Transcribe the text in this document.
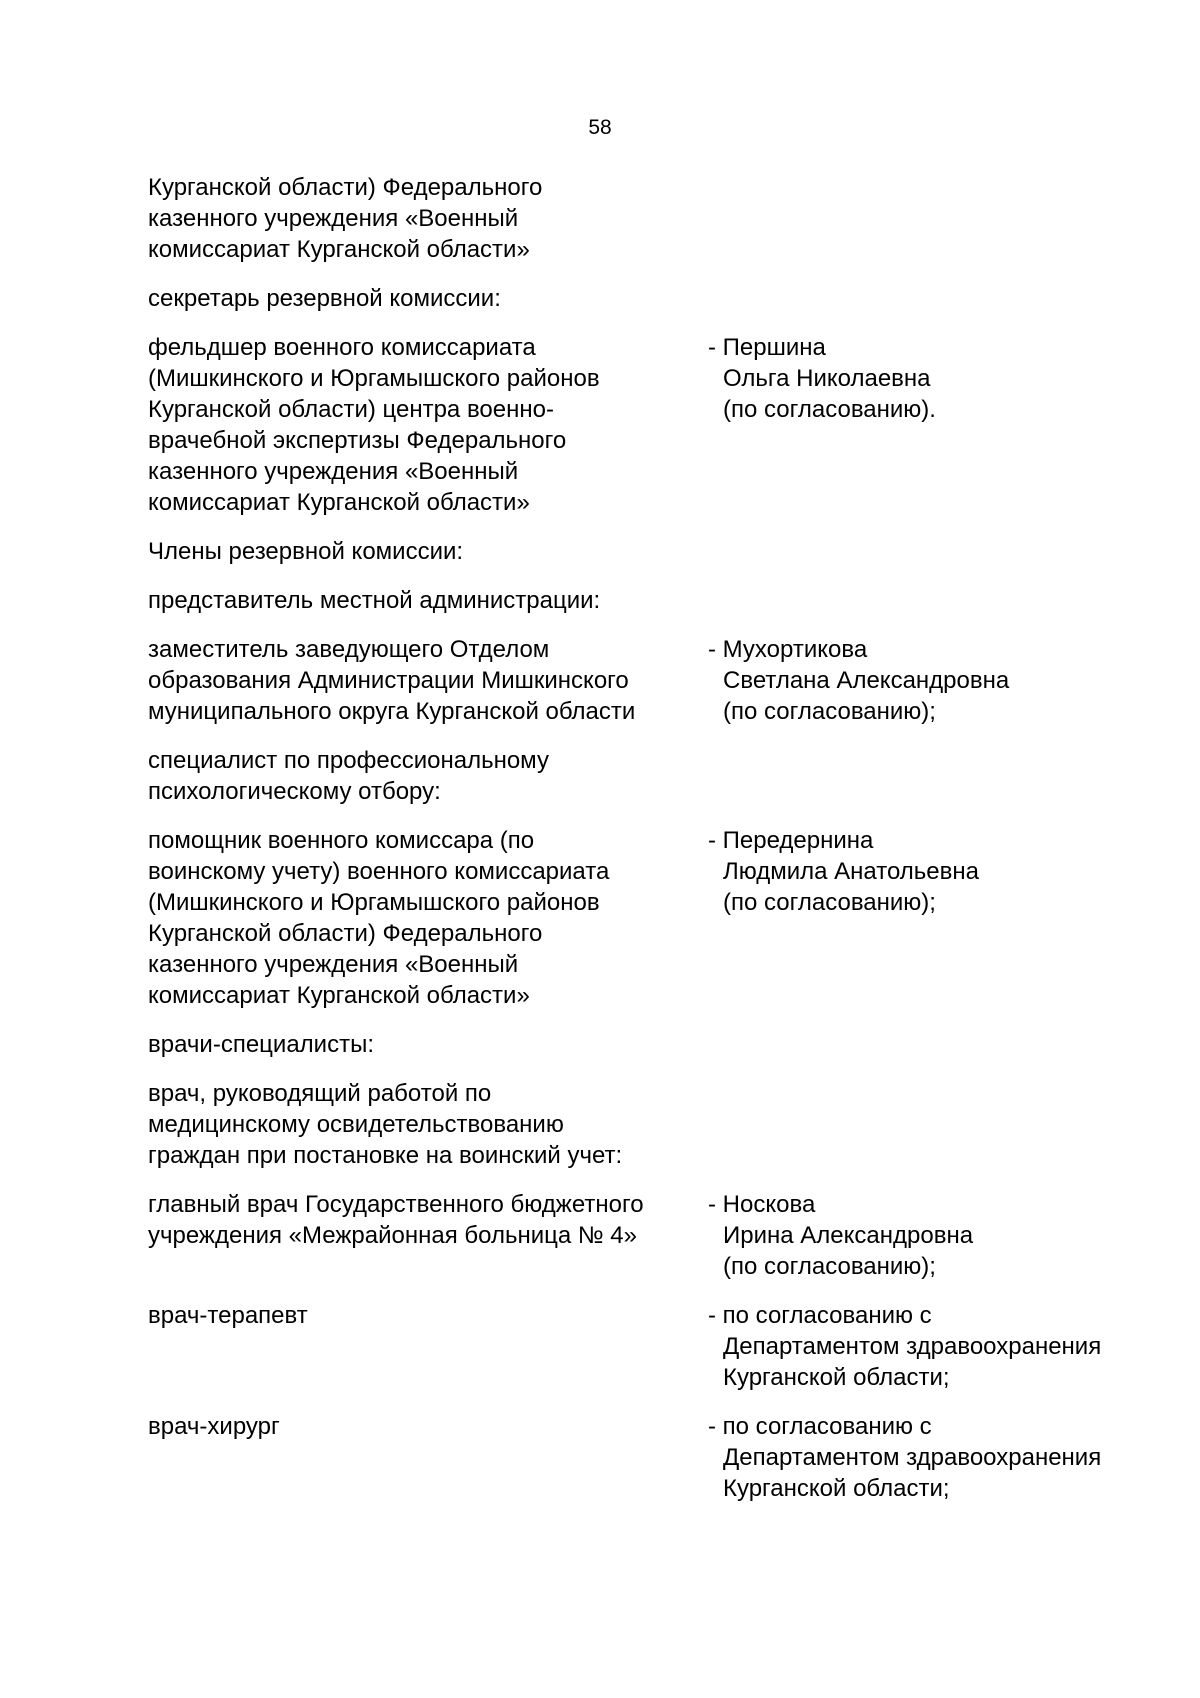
58
Курганской области) Федерального
казенного учреждения «Военный
комиссариат Курганской области»
секретарь резервной комиссии:
фельдшер военного комиссариата
(Мишкинского и Юргамышского районов
Курганской области) центра военно-
врачебной экспертизы Федерального
казенного учреждения «Военный
комиссариат Курганской области»
- Першина
Ольга Николаевна
(по согласованию).
Члены резервной комиссии:
представитель местной администрации:
заместитель заведующего Отделом
образования Администрации Мишкинского
муниципального округа Курганской области
- Мухортикова
Светлана Александровна
(по согласованию);
специалист по профессиональному
психологическому отбору:
помощник военного комиссара (по
воинскому учету) военного комиссариата
(Мишкинского и Юргамышского районов
Курганской области) Федерального
казенного учреждения «Военный
комиссариат Курганской области»
- Передернина
Людмила Анатольевна
(по согласованию);
врачи-специалисты:
врач, руководящий работой по
медицинскому освидетельствованию
граждан при постановке на воинский учет:
главный врач Государственного бюджетного
учреждения «Межрайонная больница № 4»
- Носкова
Ирина Александровна
(по согласованию);
врач-терапевт	- по согласованию с
Департаментом здравоохранения
Курганской области;
врач-хирург	- по согласованию с
Департаментом здравоохранения
Курганской области;
